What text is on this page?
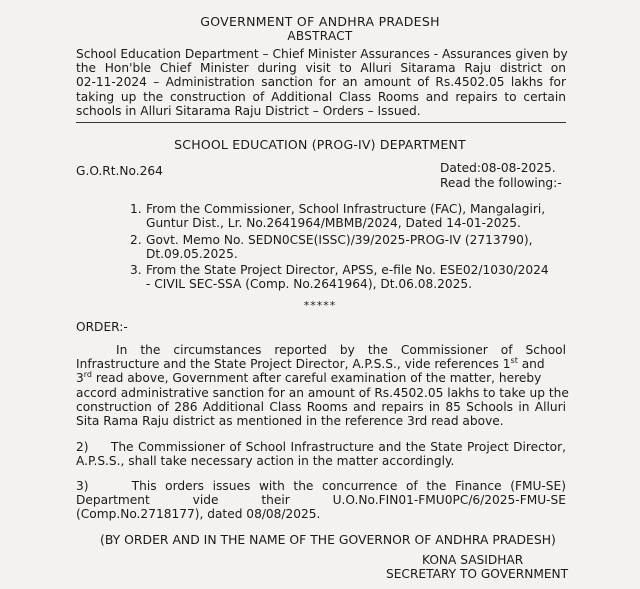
GOVERNMENT OF ANDHRA PRADESH
ABSTRACT
School Education Department – Chief Minister Assurances - Assurances given by
the Hon'ble Chief Minister during visit to Alluri Sitarama Raju district on
02-11-2024 – Administration sanction for an amount of Rs.4502.05 lakhs for
taking up the construction of Additional Class Rooms and repairs to certain
schools in Alluri Sitarama Raju District – Orders – Issued.
SCHOOL EDUCATION (PROG-IV) DEPARTMENT
G.O.Rt.No.264	Dated:08-08-2025.
Read the following:-
1. From the Commissioner, School Infrastructure (FAC), Mangalagiri,
Guntur Dist., Lr. No.2641964/MBMB/2024, Dated 14-01-2025.
2. Govt. Memo No. SEDN0CSE(ISSC)/39/2025-PROG-IV (2713790),
Dt.09.05.2025.
3. From the State Project Director, APSS, e-file No. ESE02/1030/2024
- CIVIL SEC-SSA (Comp. No.2641964), Dt.06.08.2025.
*****
ORDER:-
In the circumstances reported by the Commissioner of School
Infrastructure and the State Project Director, A.P.S.S., vide references 1st and
3rd read above, Government after careful examination of the matter, hereby
accord administrative sanction for an amount of Rs.4502.05 lakhs to take up the
construction of 286 Additional Class Rooms and repairs in 85 Schools in Alluri
Sita Rama Raju district as mentioned in the reference 3rd read above.
2)     The Commissioner of School Infrastructure and the State Project Director,
A.P.S.S., shall take necessary action in the matter accordingly.
3)     This orders issues with the concurrence of the Finance (FMU-SE)
Department          vide          their          U.O.No.FIN01-FMU0PC/6/2025-FMU-SE
(Comp.No.2718177), dated 08/08/2025.
(BY ORDER AND IN THE NAME OF THE GOVERNOR OF ANDHRA PRADESH)
KONA SASIDHAR
SECRETARY TO GOVERNMENT
